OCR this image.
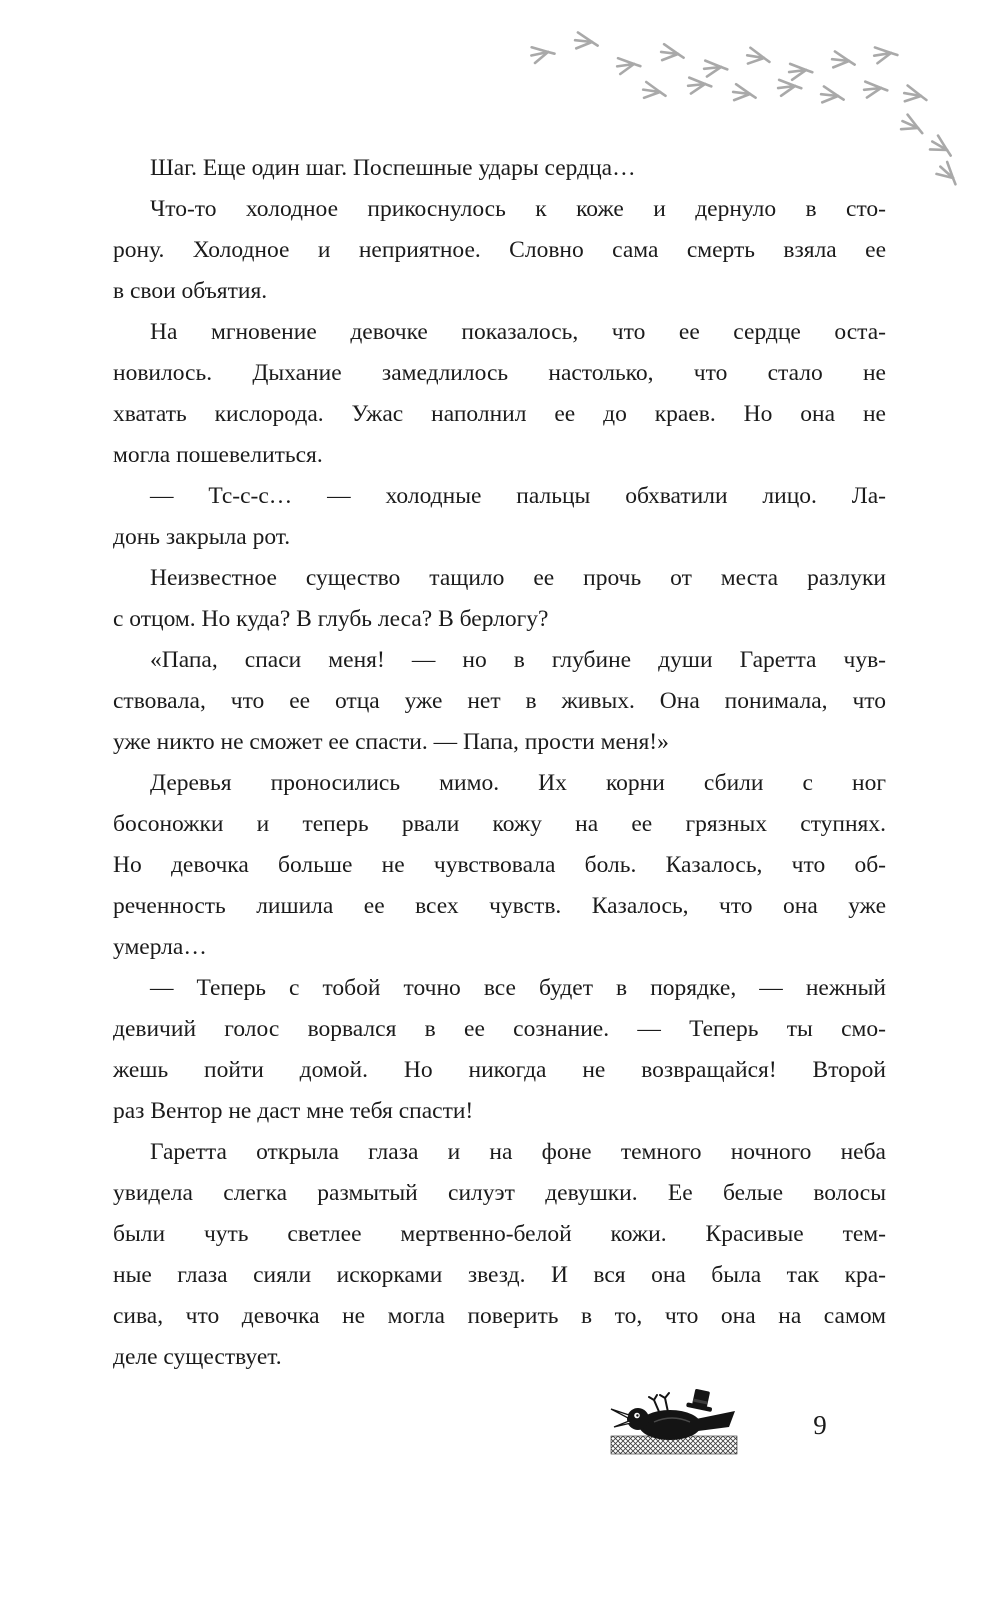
Шаг. Еще один шаг. Поспешные удары сердца…
Что-то холодное прикоснулось к коже и дернуло в сто-
рону. Холодное и неприятное. Словно сама смерть взяла ее
в свои объятия.
На мгновение девочке показалось, что ее сердце оста-
новилось. Дыхание замедлилось настолько, что стало не
хватать кислорода. Ужас наполнил ее до краев. Но она не
могла пошевелиться.
— Тс-с-с… — холодные пальцы обхватили лицо. Ла-
донь закрыла рот.
Неизвестное существо тащило ее прочь от места разлуки
с отцом. Но куда? В глубь леса? В берлогу?
«Папа, спаси меня! — но в глубине души Гаретта чув-
ствовала, что ее отца уже нет в живых. Она понимала, что
уже никто не сможет ее спасти. — Папа, прости меня!»
Деревья проносились мимо. Их корни сбили с ног
босоножки и теперь рвали кожу на ее грязных ступнях.
Но девочка больше не чувствовала боль. Казалось, что об-
реченность лишила ее всех чувств. Казалось, что она уже
умерла…
— Теперь с тобой точно все будет в порядке, — нежный
девичий голос ворвался в ее сознание. — Теперь ты смо-
жешь пойти домой. Но никогда не возвращайся! Второй
раз Вентор не даст мне тебя спасти!
Гаретта открыла глаза и на фоне темного ночного неба
увидела слегка размытый силуэт девушки. Ее белые волосы
были чуть светлее мертвенно-белой кожи. Красивые тем-
ные глаза сияли искорками звезд. И вся она была так кра-
сива, что девочка не могла поверить в то, что она на самом
деле существует.
9
